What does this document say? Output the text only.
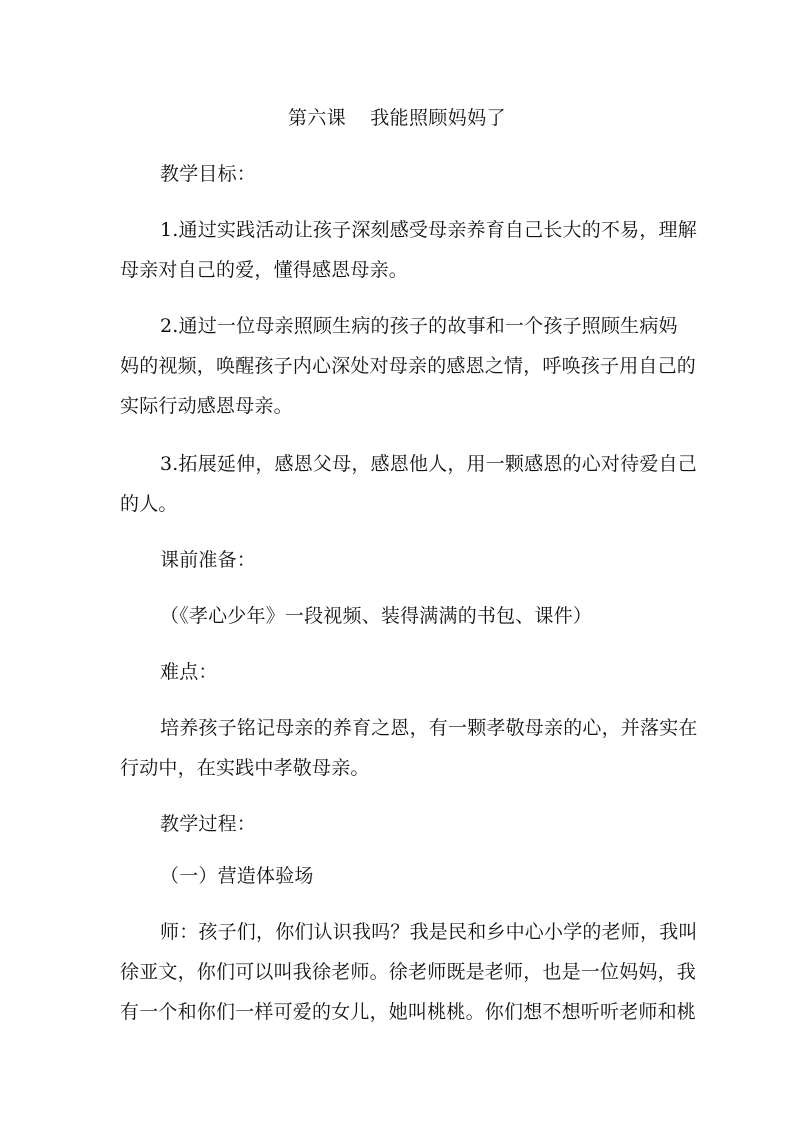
第六课 我能照顾妈妈了
教学目标：
1.通过实践活动让孩子深刻感受母亲养育自己长大的不易，理解
母亲对自己的爱，懂得感恩母亲。
2.通过一位母亲照顾生病的孩子的故事和一个孩子照顾生病妈
妈的视频，唤醒孩子内心深处对母亲的感恩之情，呼唤孩子用自己的
实际行动感恩母亲。
3.拓展延伸，感恩父母，感恩他人，用一颗感恩的心对待爱自己
的人。
课前准备：
（《孝心少年》一段视频、装得满满的书包、课件）
难点：
培养孩子铭记母亲的养育之恩，有一颗孝敬母亲的心，并落实在
行动中，在实践中孝敬母亲。
教学过程：
（一）营造体验场
师：孩子们，你们认识我吗？我是民和乡中心小学的老师，我叫
徐亚文，你们可以叫我徐老师。徐老师既是老师，也是一位妈妈，我
有一个和你们一样可爱的女儿，她叫桃桃。你们想不想听听老师和桃
